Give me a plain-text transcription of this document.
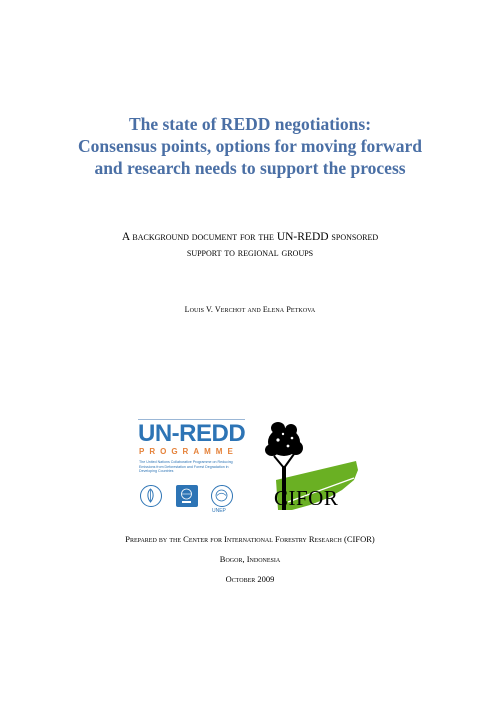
The state of REDD negotiations:
Consensus points, options for moving forward
and research needs to support the process
A background document for the UN-REDD sponsored
support to regional groups
Louis V. Verchot and Elena Petkova
UN-REDD
PROGRAMME
The United Nations Collaborative Programme on Reducing Emissions from Deforestation and Forest Degradation in Developing Countries
UNEP
CIFOR
Prepared by the Center for International Forestry Research (CIFOR)
Bogor, Indonesia
October 2009
